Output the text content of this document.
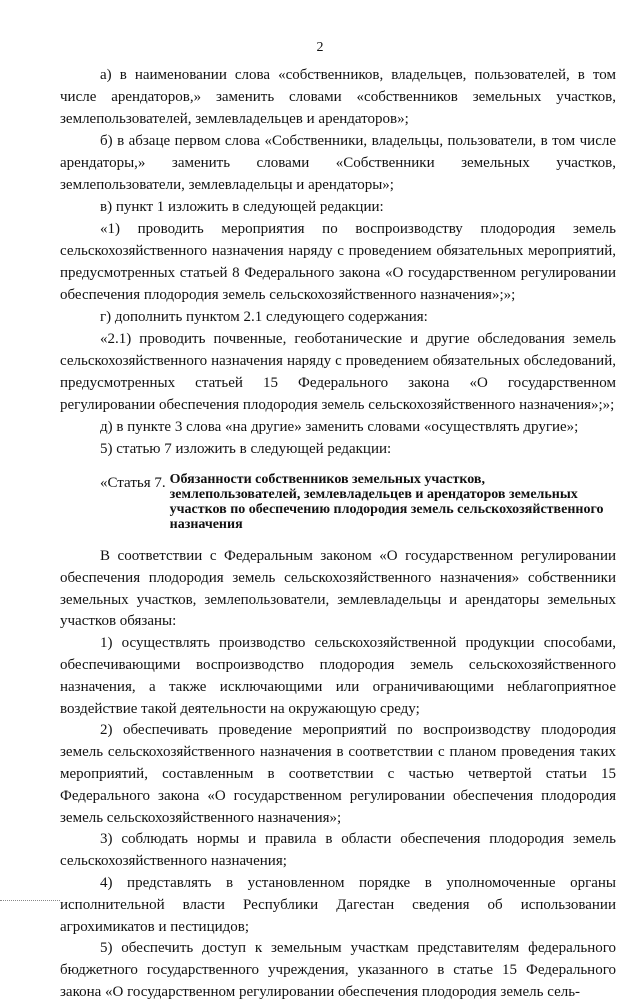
2

а) в наименовании слова «собственников, владельцев, пользователей, в том числе арендаторов,» заменить словами «собственников земельных участков, землепользователей, землевладельцев и арендаторов»;

б) в абзаце первом слова «Собственники, владельцы, пользователи, в том числе арендаторы,» заменить словами «Собственники земельных участков, землепользователи, землевладельцы и арендаторы»;

в) пункт 1 изложить в следующей редакции:

«1) проводить мероприятия по воспроизводству плодородия земель сельскохозяйственного назначения наряду с проведением обязательных мероприятий, предусмотренных статьей 8 Федерального закона «О государственном регулировании обеспечения плодородия земель сельскохозяйственного назначения»;»;

г) дополнить пунктом 2.1 следующего содержания:

«2.1) проводить почвенные, геоботанические и другие обследования земель сельскохозяйственного назначения наряду с проведением обязательных обследований, предусмотренных статьей 15 Федерального закона «О государственном регулировании обеспечения плодородия земель сельскохозяйственного назначения»;»;

д) в пункте 3 слова «на другие» заменить словами «осуществлять другие»;

5) статью 7 изложить в следующей редакции:

«Статья 7. Обязанности собственников земельных участков, землепользователей, землевладельцев и арендаторов земельных участков по обеспечению плодородия земель сельскохозяйственного назначения

В соответствии с Федеральным законом «О государственном регулировании обеспечения плодородия земель сельскохозяйственного назначения» собственники земельных участков, землепользователи, землевладельцы и арендаторы земельных участков обязаны:

1) осуществлять производство сельскохозяйственной продукции способами, обеспечивающими воспроизводство плодородия земель сельскохозяйственного назначения, а также исключающими или ограничивающими неблагоприятное воздействие такой деятельности на окружающую среду;

2) обеспечивать проведение мероприятий по воспроизводству плодородия земель сельскохозяйственного назначения в соответствии с планом проведения таких мероприятий, составленным в соответствии с частью четвертой статьи 15 Федерального закона «О государственном регулировании обеспечения плодородия земель сельскохозяйственного назначения»;

3) соблюдать нормы и правила в области обеспечения плодородия земель сельскохозяйственного назначения;

4) представлять в установленном порядке в уполномоченные органы исполнительной власти Республики Дагестан сведения об использовании агрохимикатов и пестицидов;

5) обеспечить доступ к земельным участкам представителям федерального бюджетного государственного учреждения, указанного в статье 15 Федерального закона «О государственном регулировании обеспечения плодородия земель сель-
